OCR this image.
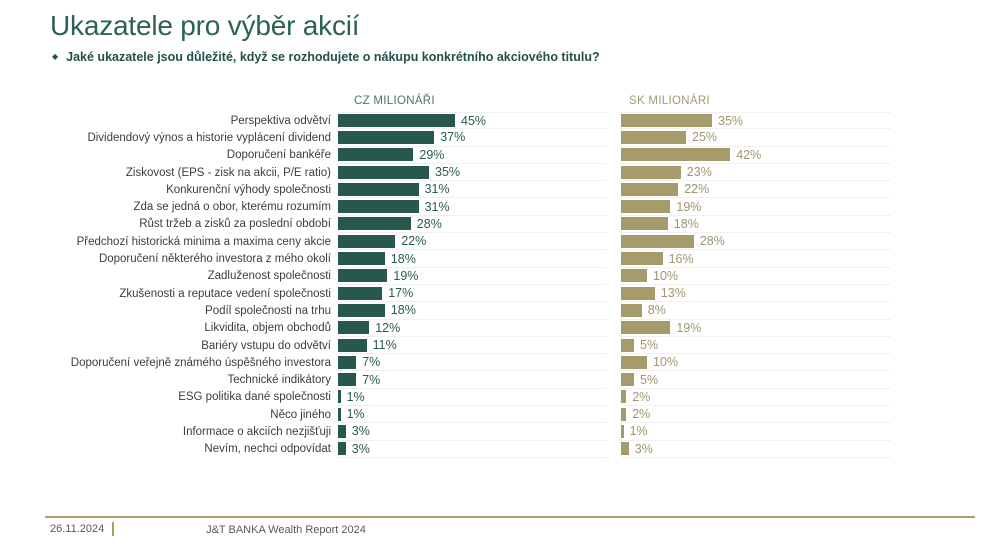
Ukazatele pro výběr akcií
◆ Jaké ukazatele jsou důležité, když se rozhodujete o nákupu konkrétního akciového titulu?
CZ MILIONÁŘI	SK MILIONÁRI
Perspektiva odvětví	45%	35%
Dividendový výnos a historie vyplácení dividend	37%	25%
Doporučení bankéře	29%	42%
Ziskovost (EPS - zisk na akcii, P/E ratio)	35%	23%
Konkurenční výhody společnosti	31%	22%
Zda se jedná o obor, kterému rozumím	31%	19%
Růst tržeb a zisků za poslední období	28%	18%
Předchozí historická minima a maxima ceny akcie	22%	28%
Doporučení některého investora z mého okolí	18%	16%
Zadluženost společnosti	19%	10%
Zkušenosti a reputace vedení společnosti	17%	13%
Podíl společnosti na trhu	18%	8%
Likvidita, objem obchodů	12%	19%
Bariéry vstupu do odvětví	11%	5%
Doporučení veřejně známého úspěšného investora	7%	10%
Technické indikátory	7%	5%
ESG politika dané společnosti	1%	2%
Něco jiného	1%	2%
Informace o akciích nezjišťuji	3%	1%
Nevím, nechci odpovídat	3%	3%
26.11.2024	J&T BANKA Wealth Report 2024
